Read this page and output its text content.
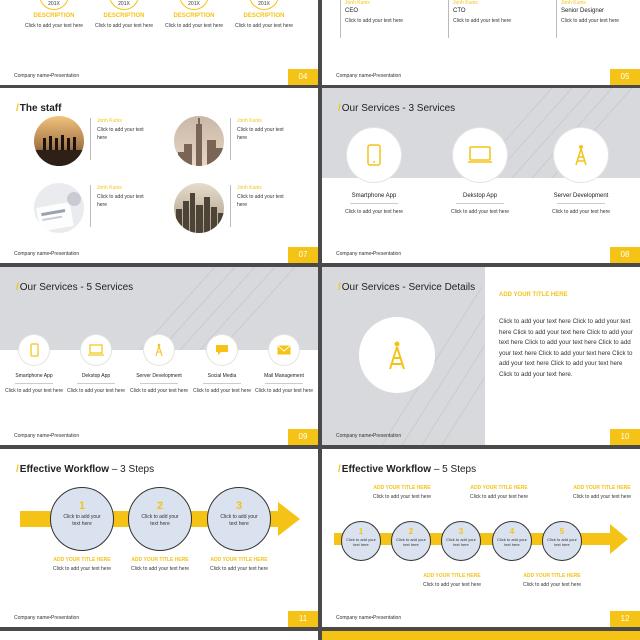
201X
DESCRIPTION
Click to add your text here
201X
DESCRIPTION
Click to add your text here
201X
DESCRIPTION
Click to add your text here
201X
DESCRIPTION
Click to add your text here
Company name•Presentation	04
Jonh Kunis
CEO
Click to add your text here
Jonh Kunis
CTO
Click to add your text here
Jonh Kunis
Senior Designer
Click to add your text here
Company name•Presentation	05
/The staff
Jonh Kunis
Click to add your text here
Jonh Kunis
Click to add your text here
Jonh Kunis
Click to add your text here
Jonh Kunis
Click to add your text here
Company name•Presentation	07
/Our Services - 3 Services
Smartphone App
Click to add your text here
Dekstop App
Click to add your text here
Server Development
Click to add your text here
Company name•Presentation	08
/Our Services - 5 Services
Smartphone App
Click to add your text here
Dekstop App
Click to add your text here
Server Development
Click to add your text here
Social Media
Click to add your text here
Mail Management
Click to add your text here
Company name•Presentation	09
/Our Services - Service Details
ADD YOUR TITLE HERE
Click to add your text here Click to add your text here Click to add your text here Click to add your text here Click to add your text here Click to add your text here Click to add your text here Click to add your text here Click to add your text here Click to add your text here.
Company name•Presentation	10
/Effective Workflow – 3 Steps
1
Click to add your text here
2
Click to add your text here
3
Click to add your text here
ADD YOUR TITLE HERE
Click to add your text here
ADD YOUR TITLE HERE
Click to add your text here
ADD YOUR TITLE HERE
Click to add your text here
Company name•Presentation	11
/Effective Workflow – 5 Steps
ADD YOUR TITLE HERE
Click to add your text here
ADD YOUR TITLE HERE
Click to add your text here
ADD YOUR TITLE HERE
Click to add your text here
1
Click to add your text here
2
Click to add your text here
3
Click to add your text here
4
Click to add your text here
5
Click to add your text here
ADD YOUR TITLE HERE
Click to add your text here
ADD YOUR TITLE HERE
Click to add your text here
Company name•Presentation	12
